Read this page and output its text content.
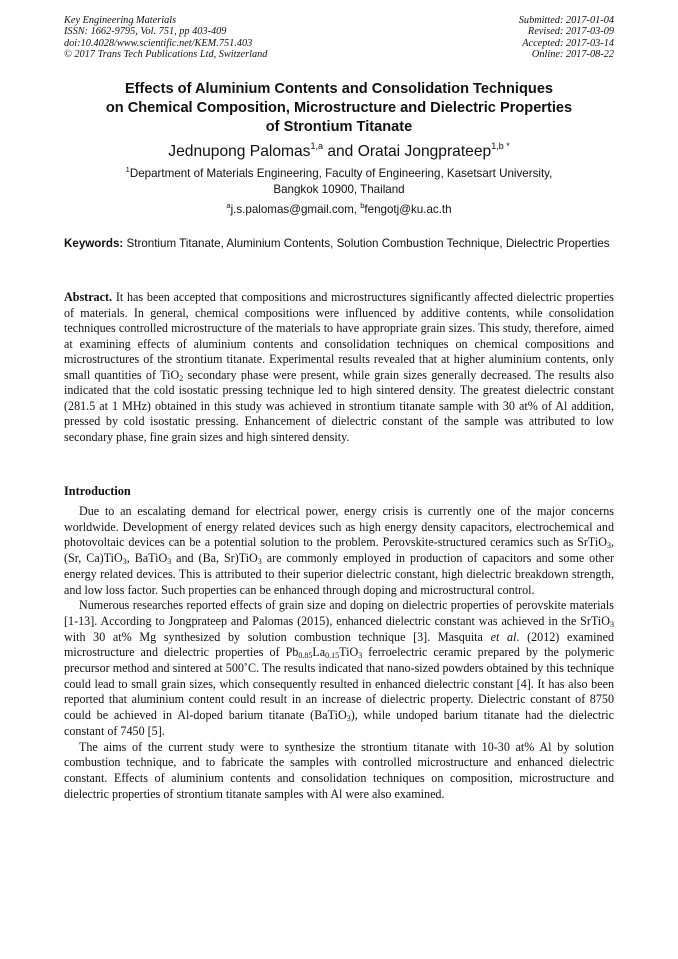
Key Engineering Materials
ISSN: 1662-9795, Vol. 751, pp 403-409
doi:10.4028/www.scientific.net/KEM.751.403
© 2017 Trans Tech Publications Ltd, Switzerland
Submitted: 2017-01-04
Revised: 2017-03-09
Accepted: 2017-03-14
Online: 2017-08-22
Effects of Aluminium Contents and Consolidation Techniques
on Chemical Composition, Microstructure and Dielectric Properties
of Strontium Titanate
Jednupong Palomas$^{1,a}$ and Oratai Jongprateep$^{1,b *}$
$^1$Department of Materials Engineering, Faculty of Engineering, Kasetsart University,
Bangkok 10900, Thailand
$^a$j.s.palomas@gmail.com, $^b$fengotj@ku.ac.th
Keywords: Strontium Titanate, Aluminium Contents, Solution Combustion Technique, Dielectric Properties
Abstract. It has been accepted that compositions and microstructures significantly affected dielectric properties of materials. In general, chemical compositions were influenced by additive contents, while consolidation techniques controlled microstructure of the materials to have appropriate grain sizes. This study, therefore, aimed at examining effects of aluminium contents and consolidation techniques on chemical compositions and microstructures of the strontium titanate. Experimental results revealed that at higher aluminium contents, only small quantities of TiO$_2$ secondary phase were present, while grain sizes generally decreased. The results also indicated that the cold isostatic pressing technique led to high sintered density. The greatest dielectric constant (281.5 at 1 MHz) obtained in this study was achieved in strontium titanate sample with 30 at% of Al addition, pressed by cold isostatic pressing. Enhancement of dielectric constant of the sample was attributed to low secondary phase, fine grain sizes and high sintered density.
Introduction

Due to an escalating demand for electrical power, energy crisis is currently one of the major concerns worldwide. Development of energy related devices such as high energy density capacitors, electrochemical and photovoltaic devices can be a potential solution to the problem. Perovskite-structured ceramics such as SrTiO$_3$, (Sr, Ca)TiO$_3$, BaTiO$_3$ and (Ba, Sr)TiO$_3$ are commonly employed in production of capacitors and some other energy related devices. This is attributed to their superior dielectric constant, high dielectric breakdown strength, and low loss factor. Such properties can be enhanced through doping and microstructural control.

Numerous researches reported effects of grain size and doping on dielectric properties of perovskite materials [1-13]. According to Jongprateep and Palomas (2015), enhanced dielectric constant was achieved in the SrTiO$_3$ with 30 at% Mg synthesized by solution combustion technique [3]. Masquita et al. (2012) examined microstructure and dielectric properties of $Pb_{0.85}La_{0.15}TiO_3$ ferroelectric ceramic prepared by the polymeric precursor method and sintered at 500˚C. The results indicated that nano-sized powders obtained by this technique could lead to small grain sizes, which consequently resulted in enhanced dielectric constant [4]. It has also been reported that aluminium content could result in an increase of dielectric property. Dielectric constant of 8750 could be achieved in Al-doped barium titanate (BaTiO$_3$), while undoped barium titanate had the dielectric constant of 7450 [5].

The aims of the current study were to synthesize the strontium titanate with 10-30 at% Al by solution combustion technique, and to fabricate the samples with controlled microstructure and enhanced dielectric constant. Effects of aluminium contents and consolidation techniques on composition, microstructure and dielectric properties of strontium titanate samples with Al were also examined.
